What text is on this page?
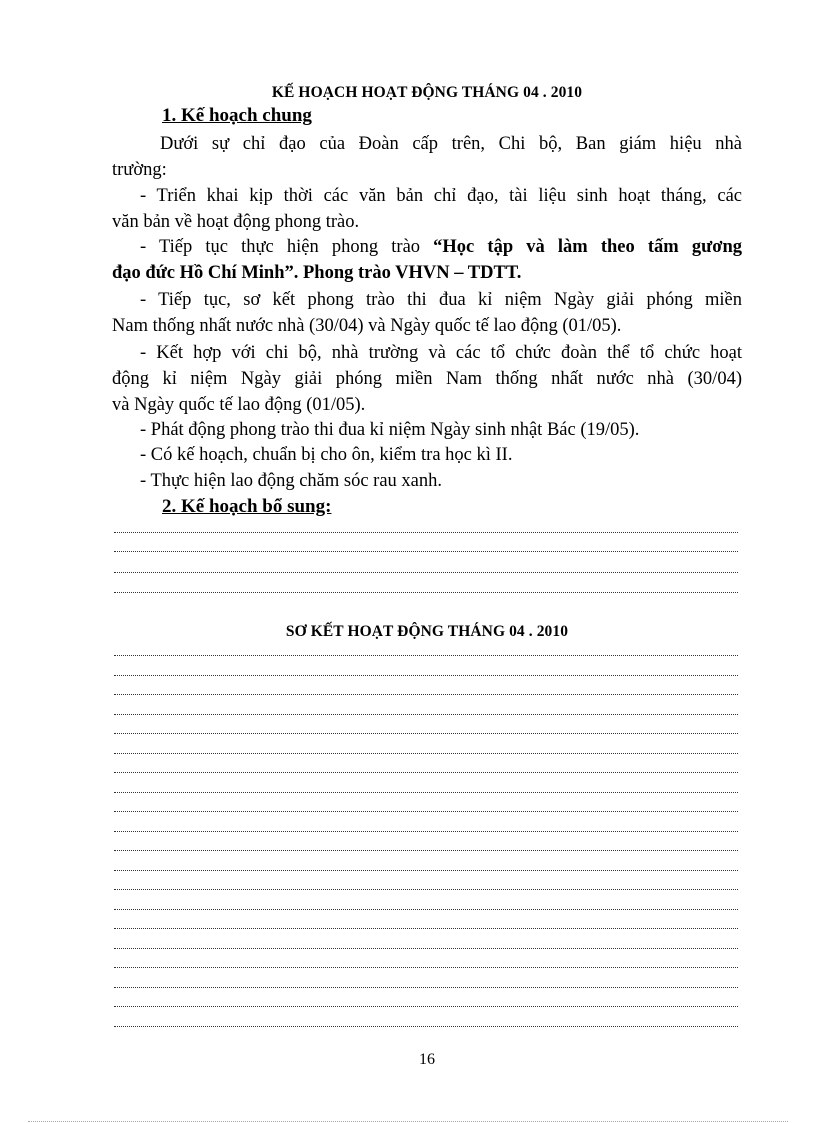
KẾ HOẠCH HOẠT ĐỘNG THÁNG 04 . 2010

1. Kế hoạch chung

Dưới sự chỉ đạo của Đoàn cấp trên, Chi bộ, Ban giám hiệu nhà
trường:
- Triển khai kịp thời các văn bản chỉ đạo, tài liệu sinh hoạt tháng, các
văn bản về hoạt động phong trào.
- Tiếp tục thực hiện phong trào “Học tập và làm theo tấm gương
đạo đức Hồ Chí Minh”. Phong trào VHVN – TDTT.
- Tiếp tục, sơ kết phong trào thi đua kỉ niệm Ngày giải phóng miền
Nam thống nhất nước nhà (30/04) và Ngày quốc tế lao động (01/05).
- Kết hợp với chi bộ, nhà trường và các tổ chức đoàn thể tổ chức hoạt
động kỉ niệm Ngày giải phóng miền Nam thống nhất nước nhà (30/04)
và Ngày quốc tế lao động (01/05).
- Phát động phong trào thi đua kỉ niệm Ngày sinh nhật Bác (19/05).
- Có kế hoạch, chuẩn bị cho ôn, kiểm tra học kì II.
- Thực hiện lao động chăm sóc rau xanh.

2. Kế hoạch bổ sung:

SƠ KẾT HOẠT ĐỘNG THÁNG 04 . 2010

16
